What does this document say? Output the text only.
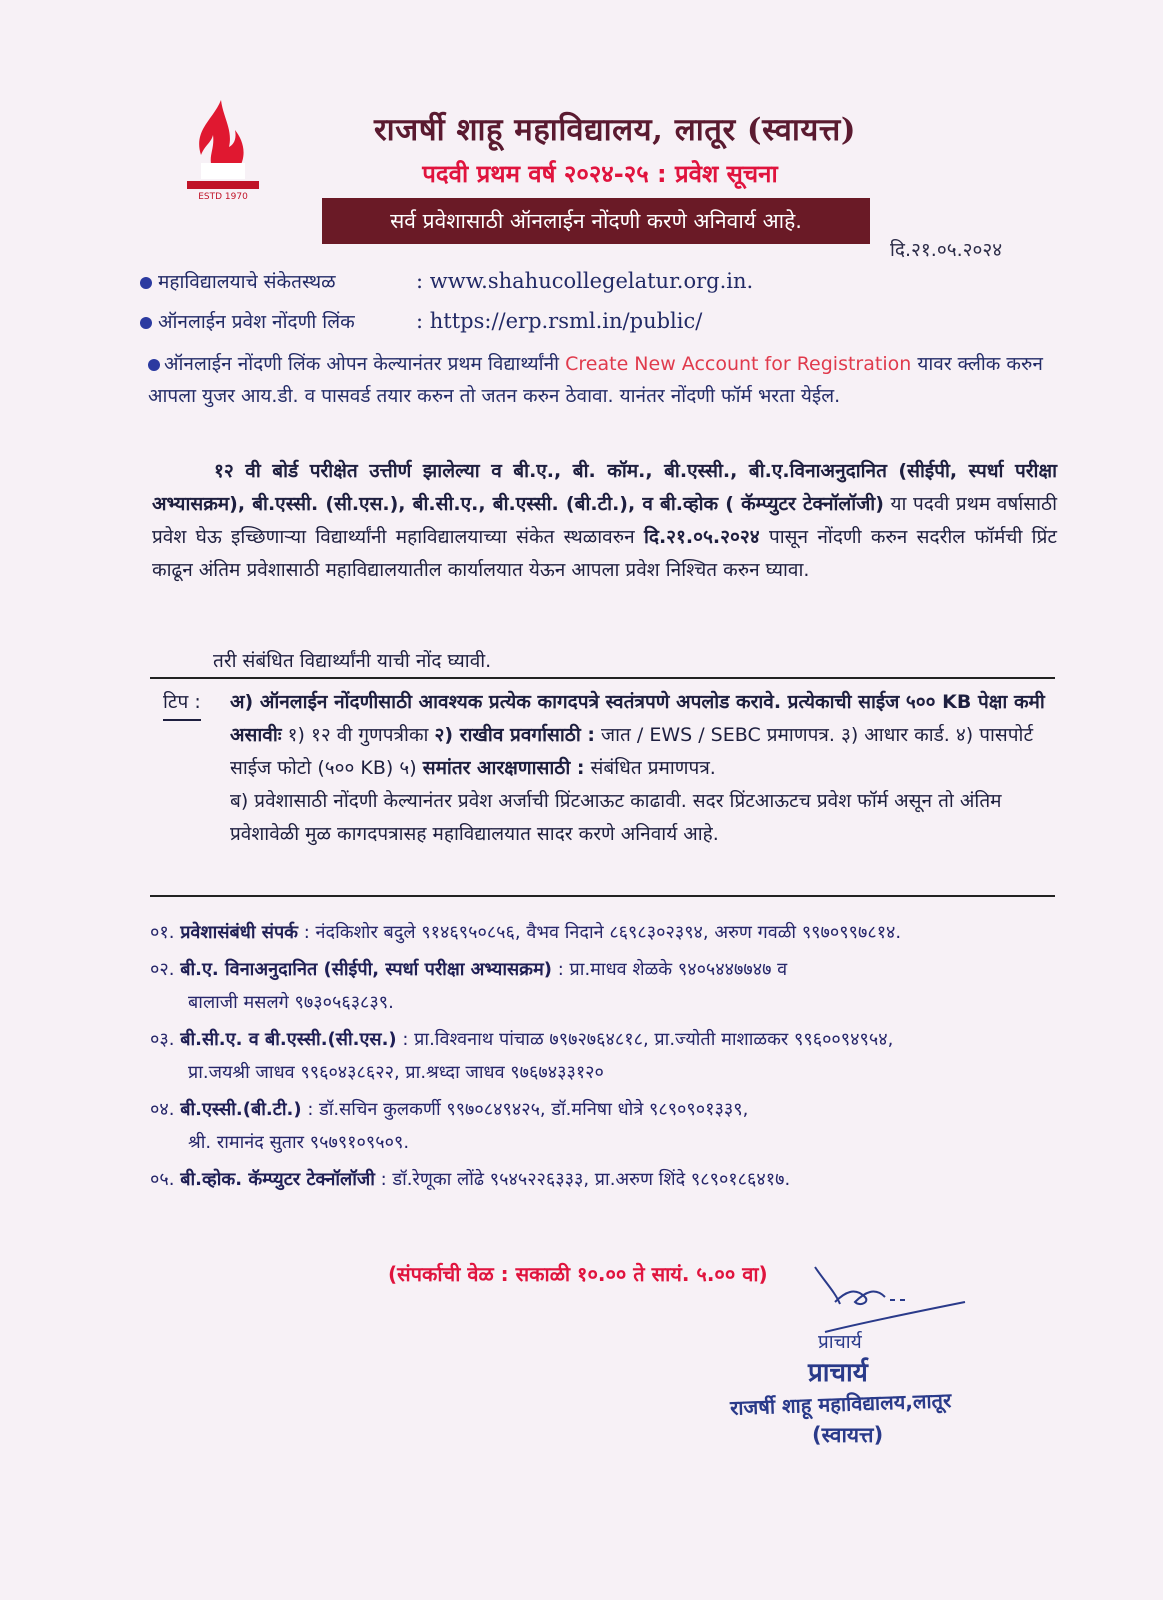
ESTD 1970
राजर्षी शाहू महाविद्यालय, लातूर (स्वायत्त)
पदवी प्रथम वर्ष २०२४-२५ : प्रवेश सूचना
सर्व प्रवेशासाठी ऑनलाईन नोंदणी करणे अनिवार्य आहे.
दि.२१.०५.२०२४
महाविद्यालयाचे संकेतस्थळ	: www.shahucollegelatur.org.in.
ऑनलाईन प्रवेश नोंदणी लिंक	: https://erp.rsml.in/public/
ऑनलाईन नोंदणी लिंक ओपन केल्यानंतर प्रथम विद्यार्थ्यांनी Create New Account for Registration यावर क्लीक करुन आपला युजर आय.डी. व पासवर्ड तयार करुन तो जतन करुन ठेवावा. यानंतर नोंदणी फॉर्म भरता येईल.
१२ वी बोर्ड परीक्षेत उत्तीर्ण झालेल्या व बी.ए., बी. कॉम., बी.एस्सी., बी.ए.विनाअनुदानित (सीईपी, स्पर्धा परीक्षा अभ्यासक्रम), बी.एस्सी. (सी.एस.), बी.सी.ए., बी.एस्सी. (बी.टी.), व बी.व्होक ( कॅम्प्युटर टेक्नॉलॉजी) या पदवी प्रथम वर्षासाठी प्रवेश घेऊ इच्छिणाऱ्या विद्यार्थ्यांनी महाविद्यालयाच्या संकेत स्थळावरुन दि.२१.०५.२०२४ पासून नोंदणी करुन सदरील फॉर्मची प्रिंट काढून अंतिम प्रवेशासाठी महाविद्यालयातील कार्यालयात येऊन आपला प्रवेश निश्चित करुन घ्यावा.
तरी संबंधित विद्यार्थ्यांनी याची नोंद घ्यावी.
टिप : अ) ऑनलाईन नोंदणीसाठी आवश्यक प्रत्येक कागदपत्रे स्वतंत्रपणे अपलोड करावे. प्रत्येकाची साईज ५०० KB पेक्षा कमी असावीः १) १२ वी गुणपत्रीका २) राखीव प्रवर्गासाठी : जात / EWS / SEBC प्रमाणपत्र. ३) आधार कार्ड. ४) पासपोर्ट साईज फोटो (५०० KB) ५) समांतर आरक्षणासाठी : संबंधित प्रमाणपत्र.
ब) प्रवेशासाठी नोंदणी केल्यानंतर प्रवेश अर्जाची प्रिंटआऊट काढावी. सदर प्रिंटआऊटच प्रवेश फॉर्म असून तो अंतिम प्रवेशावेळी मुळ कागदपत्रासह महाविद्यालयात सादर करणे अनिवार्य आहे.
०१. प्रवेशासंबंधी संपर्क : नंदकिशोर बदुले ९१४६९५०८५६, वैभव निदाने ८६९८३०२३९४, अरुण गवळी ९९७०९९७८१४.
०२. बी.ए. विनाअनुदानित (सीईपी, स्पर्धा परीक्षा अभ्यासक्रम) : प्रा.माधव शेळके ९४०५४४७७४७ व
बालाजी मसलगे ९७३०५६३८३९.
०३. बी.सी.ए. व बी.एस्सी.(सी.एस.) : प्रा.विश्वनाथ पांचाळ ७९७२७६४८१८, प्रा.ज्योती माशाळकर ९९६००९४९५४,
प्रा.जयश्री जाधव ९९६०४३८६२२, प्रा.श्रध्दा जाधव ९७६७४३३१२०
०४. बी.एस्सी.(बी.टी.) : डॉ.सचिन कुलकर्णी ९९७०८४९४२५, डॉ.मनिषा धोत्रे ९८९०९०१३३९,
श्री. रामानंद सुतार ९५७९१०९५०९.
०५. बी.व्होक. कॅम्प्युटर टेक्नॉलॉजी : डॉ.रेणूका लोंढे ९५४५२२६३३३, प्रा.अरुण शिंदे ९८९०१८६४१७.
(संपर्काची वेळ : सकाळी १०.०० ते सायं. ५.०० वा)
प्राचार्य
प्राचार्य
राजर्षी शाहू महाविद्यालय,लातूर
(स्वायत्त)
